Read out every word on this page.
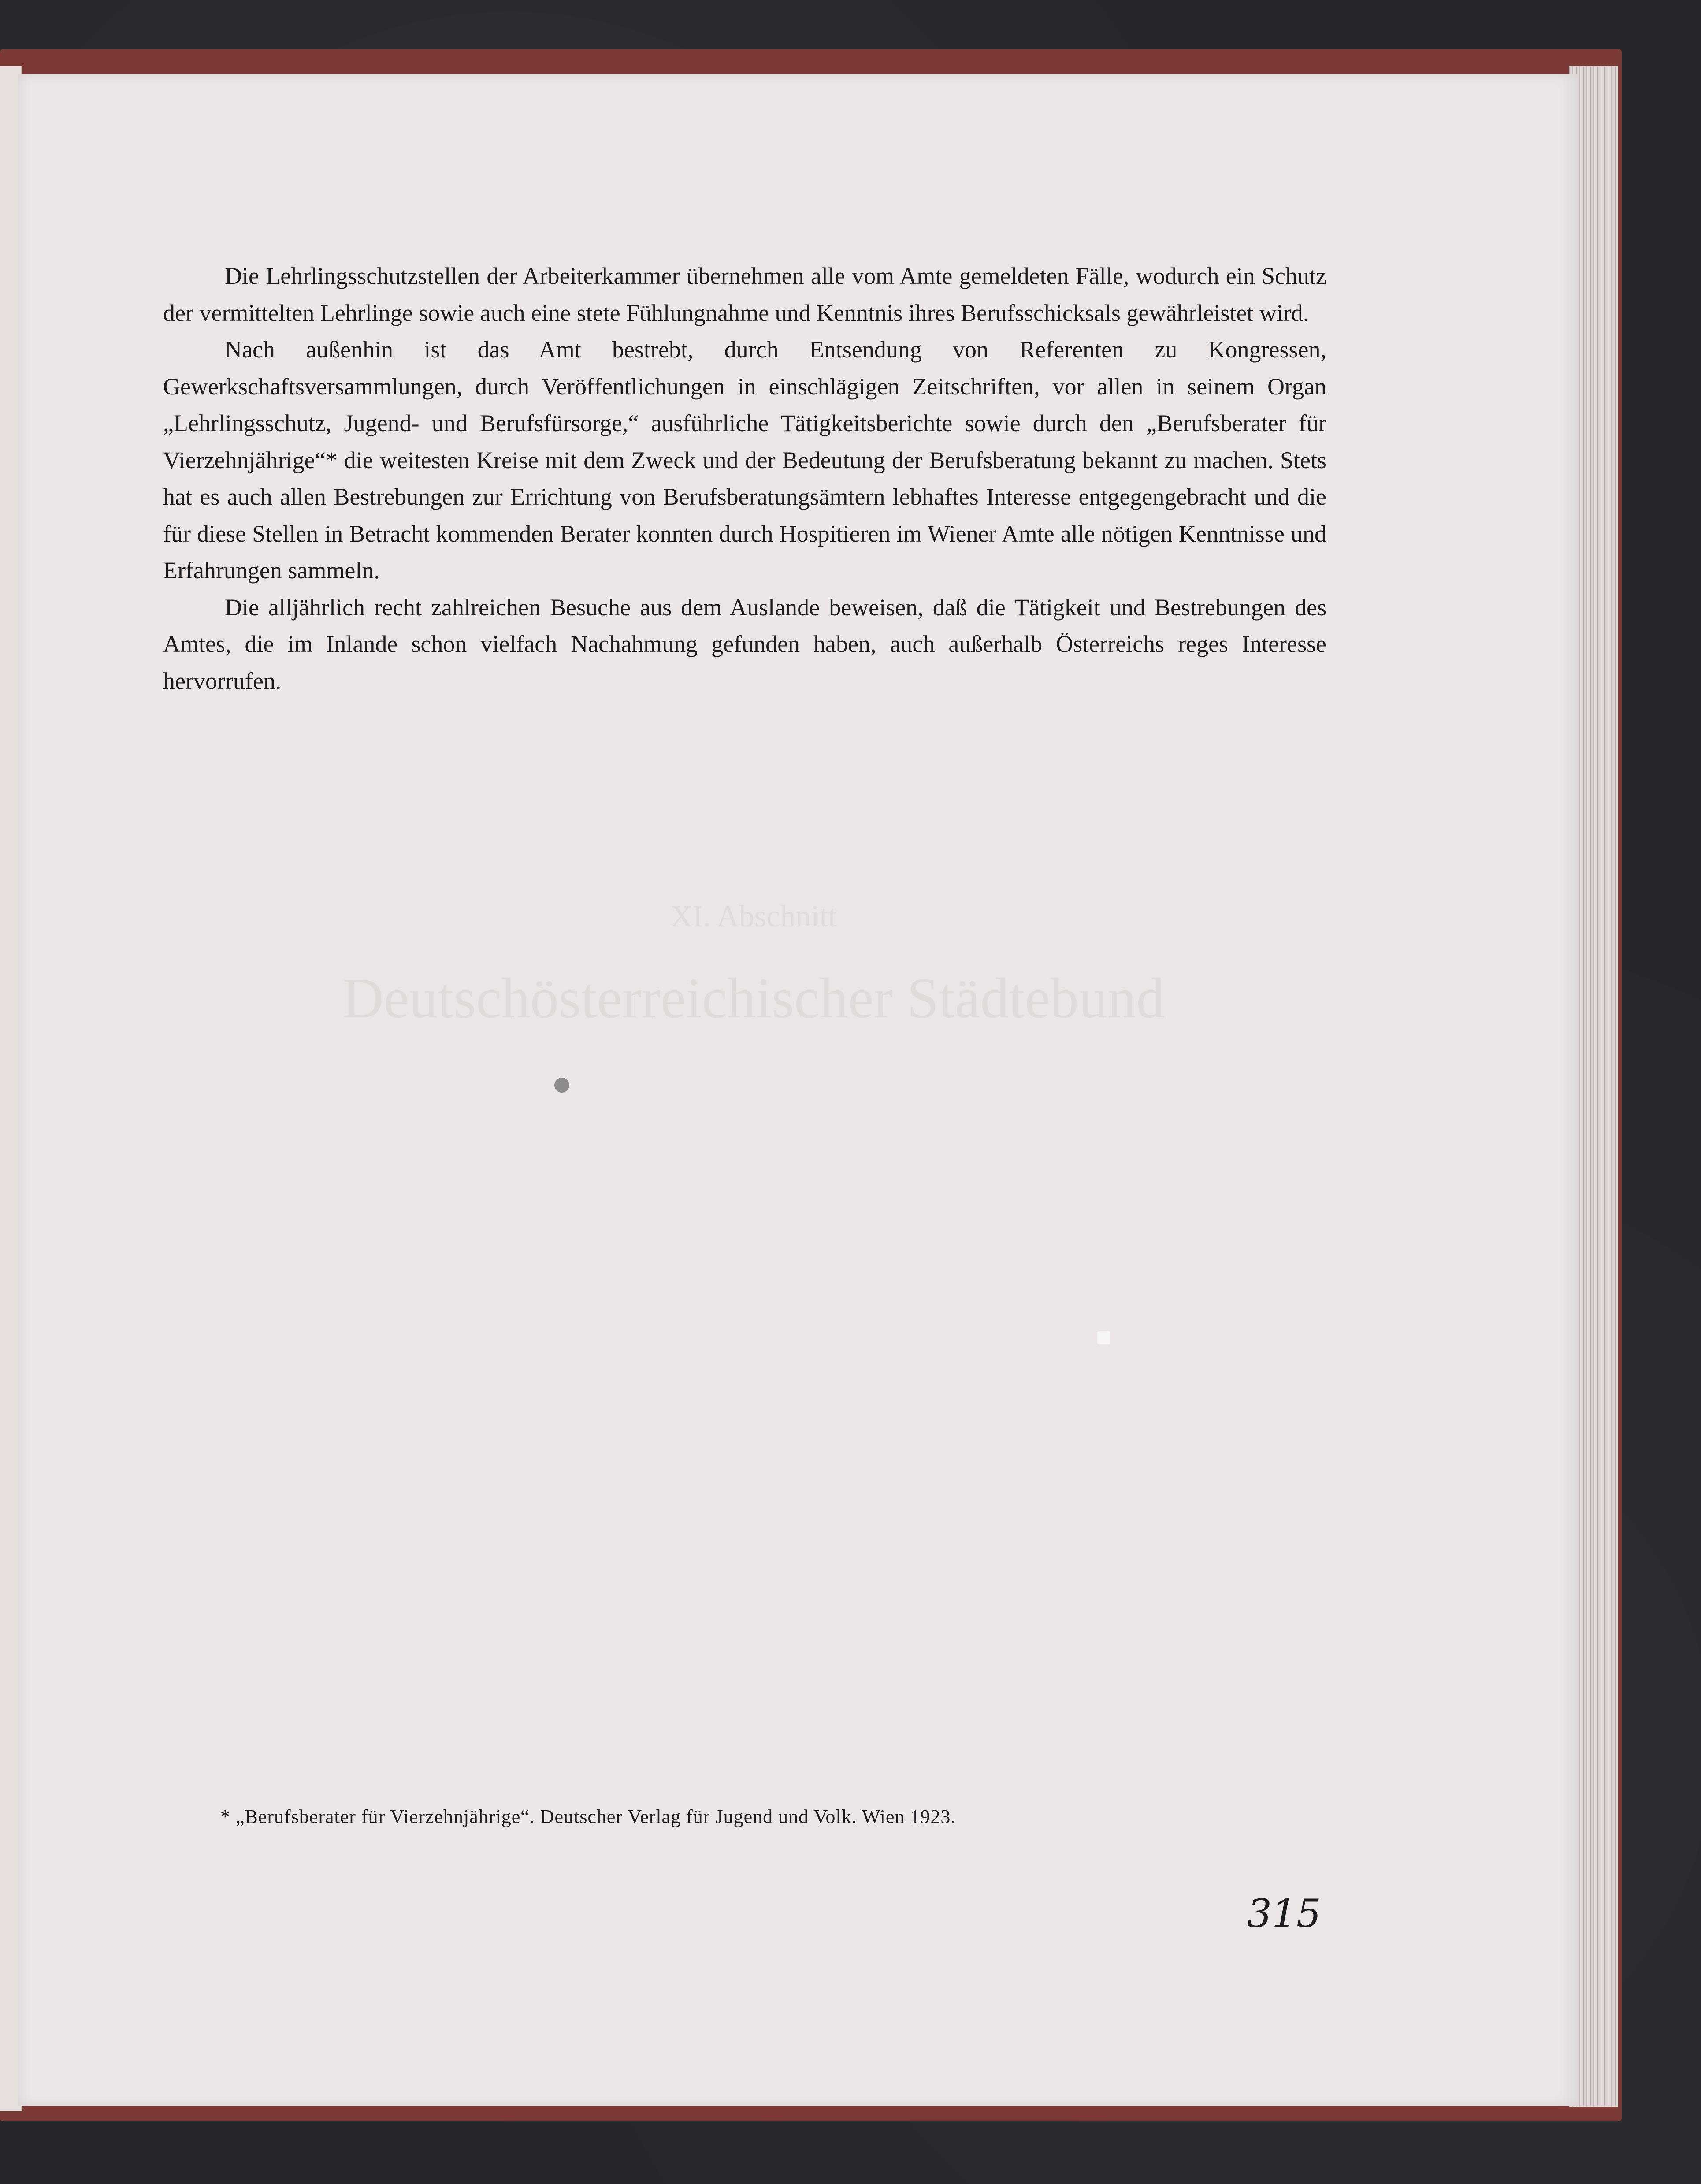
Die Lehrlingsschutzstellen der Arbeiterkammer übernehmen alle vom Amte gemeldeten Fälle, wodurch ein Schutz der vermittelten Lehrlinge sowie auch eine stete Fühlungnahme und Kenntnis ihres Berufsschicksals gewährleistet wird.

Nach außenhin ist das Amt bestrebt, durch Entsendung von Referenten zu Kongressen, Gewerkschaftsversammlungen, durch Veröffentlichungen in einschlägigen Zeitschriften, vor allen in seinem Organ „Lehrlingsschutz, Jugend- und Berufsfürsorge,“ ausführliche Tätigkeitsberichte sowie durch den „Berufsberater für Vierzehnjährige“* die weitesten Kreise mit dem Zweck und der Bedeutung der Berufsberatung bekannt zu machen. Stets hat es auch allen Bestrebungen zur Errichtung von Berufsberatungsämtern lebhaftes Interesse entgegengebracht und die für diese Stellen in Betracht kommenden Berater konnten durch Hospitieren im Wiener Amte alle nötigen Kenntnisse und Erfahrungen sammeln.

Die alljährlich recht zahlreichen Besuche aus dem Auslande beweisen, daß die Tätigkeit und Bestrebungen des Amtes, die im Inlande schon vielfach Nachahmung gefunden haben, auch außerhalb Österreichs reges Interesse hervorrufen.

XI. Abschnitt
Deutschösterreichischer Städtebund
* „Berufsberater für Vierzehnjährige“. Deutscher Verlag für Jugend und Volk. Wien 1923.
315
